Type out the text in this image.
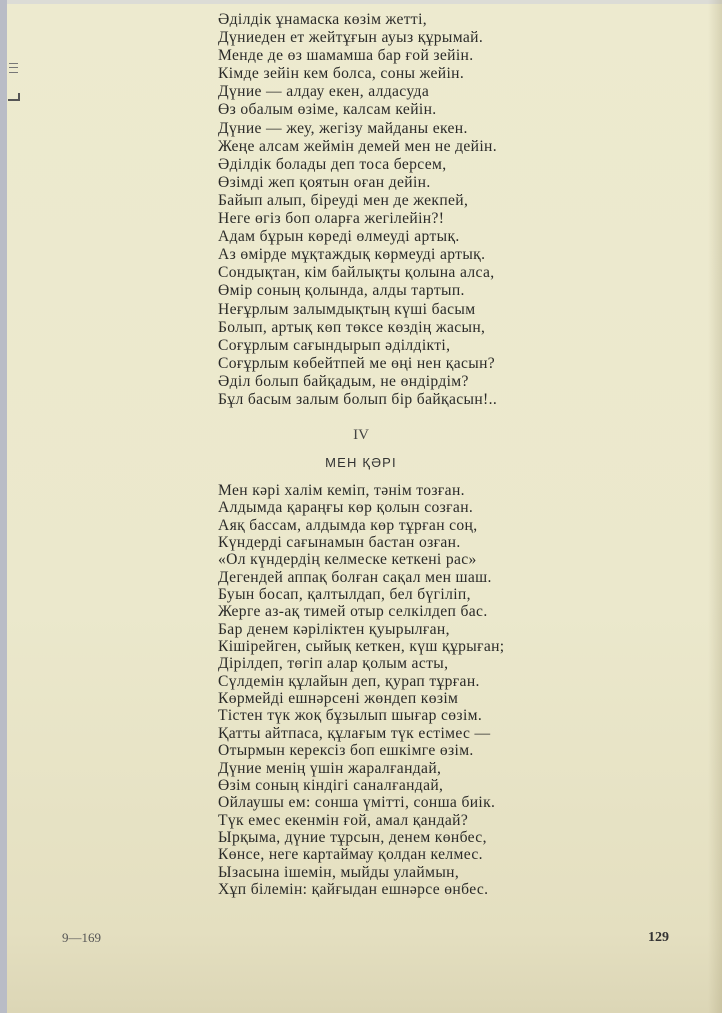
Әділдік ұнамаска көзім жетті,
Дүниеден ет жейтұғын ауыз құрымай.
Менде де өз шамамша бар ғой зейін.
Кімде зейін кем болса, соны жейін.
Дүние — алдау екен, алдасуда
Өз обалым өзіме, калсам кейін.
Дүние — жеу, жегізу майданы екен.
Жеңе алсам жеймін демей мен не дейін.
Әділдік болады деп тоса берсем,
Өзімді жеп қоятын оған дейін.
Байып алып, біреуді мен де жекпей,
Неге өгіз боп оларға жегілейін?!
Адам бұрын көреді өлмеуді артық.
Аз өмірде мұқтаждық көрмеуді артық.
Сондықтан, кім байлықты қолына алса,
Өмір соның қолында, алды тартып.
Неғұрлым залымдықтың күші басым
Болып, артық көп төксе көздің жасын,
Соғұрлым сағындырып әділдікті,
Соғұрлым көбейтпей ме өңі нен қасын?
Әділ болып байқадым, не өндірдім?
Бұл басым залым болып бір байқасын!..
IV
МЕН ҚӘРІ
Мен кәрі халім кеміп, тәнім тозған.
Алдымда қараңғы көр қолын созған.
Аяқ бассам, алдымда көр тұрған соң,
Күндерді сағынамын бастан озған.
«Ол күндердің келмеске кеткені рас»
Дегендей аппақ болған сақал мен шаш.
Буын босап, қалтылдап, бел бүгіліп,
Жерге аз-ақ тимей отыр селкілдеп бас.
Бар денем кәріліктен қуырылған,
Кішірейген, сыйық кеткен, күш құрыған;
Дірілдеп, төгіп алар қолым асты,
Сүлдемін құлайын деп, қурап тұрған.
Көрмейді ешнәрсені жөндеп көзім
Тістен түк жоқ бұзылып шығар сөзім.
Қатты айтпаса, құлағым түк естімес —
Отырмын керексіз боп ешкімге өзім.
Дүние менің үшін жаралғандай,
Өзім соның кіндігі саналғандай,
Ойлаушы ем: сонша үмітті, сонша биік.
Түк емес екенмін ғой, амал қандай?
Ырқыма, дүние тұрсын, денем көнбес,
Көнсе, неге картаймау қолдан келмес.
Ызасына ішемін, мыйды улаймын,
Хұп білемін: қайғыдан ешнәрсе өнбес.
9—169	129
